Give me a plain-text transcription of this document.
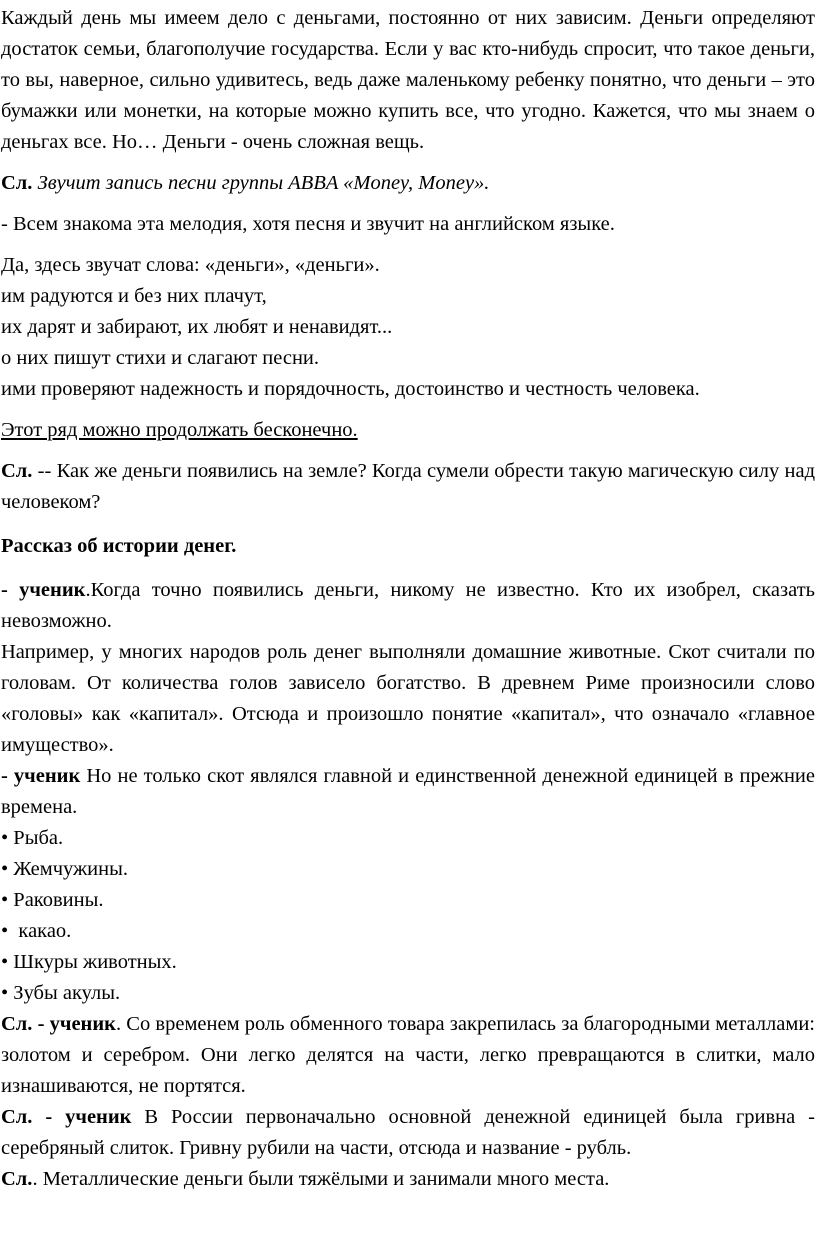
Каждый день мы имеем дело с деньгами, постоянно от них зависим. Деньги определяют достаток семьи, благополучие государства. Если у вас кто-нибудь спросит, что такое деньги, то вы, наверное, сильно удивитесь, ведь даже маленькому ребенку понятно, что деньги – это бумажки или монетки, на которые можно купить все, что угодно. Кажется, что мы знаем о деньгах все. Но… Деньги - очень сложная вещь.

Сл. Звучит запись песни группы ABBA «Money, Money».

- Всем знакома эта мелодия, хотя песня и звучит на английском языке.

Да, здесь звучат слова: «деньги», «деньги».

им радуются и без них плачут,

их дарят и забирают, их любят и ненавидят...

о них пишут стихи и слагают песни.

ими проверяют надежность и порядочность, достоинство и честность человека.

Этот ряд можно продолжать бесконечно.

Сл. -- Как же деньги появились на земле? Когда сумели обрести такую магическую силу над человеком?

Рассказ об истории денег.

- ученик.Когда точно появились деньги, никому не известно. Кто их изобрел, сказать невозможно.

Например, у многих народов роль денег выполняли домашние животные. Скот считали по головам. От количества голов зависело богатство. В древнем Риме произносили слово «головы» как «капитал». Отсюда и произошло понятие «капитал», что означало «главное имущество».

- ученик Но не только скот являлся главной и единственной денежной единицей в прежние времена.

• Рыба.

• Жемчужины.

• Раковины.

•  какао.

• Шкуры животных.

• Зубы акулы.

Сл. - ученик. Со временем роль обменного товара закрепилась за благородными металлами: золотом и серебром. Они легко делятся на части, легко превращаются в слитки, мало изнашиваются, не портятся.

Сл. - ученик В России первоначально основной денежной единицей была гривна - серебряный слиток. Гривну рубили на части, отсюда и название - рубль.

Сл.. Металлические деньги были тяжёлыми и занимали много места.
